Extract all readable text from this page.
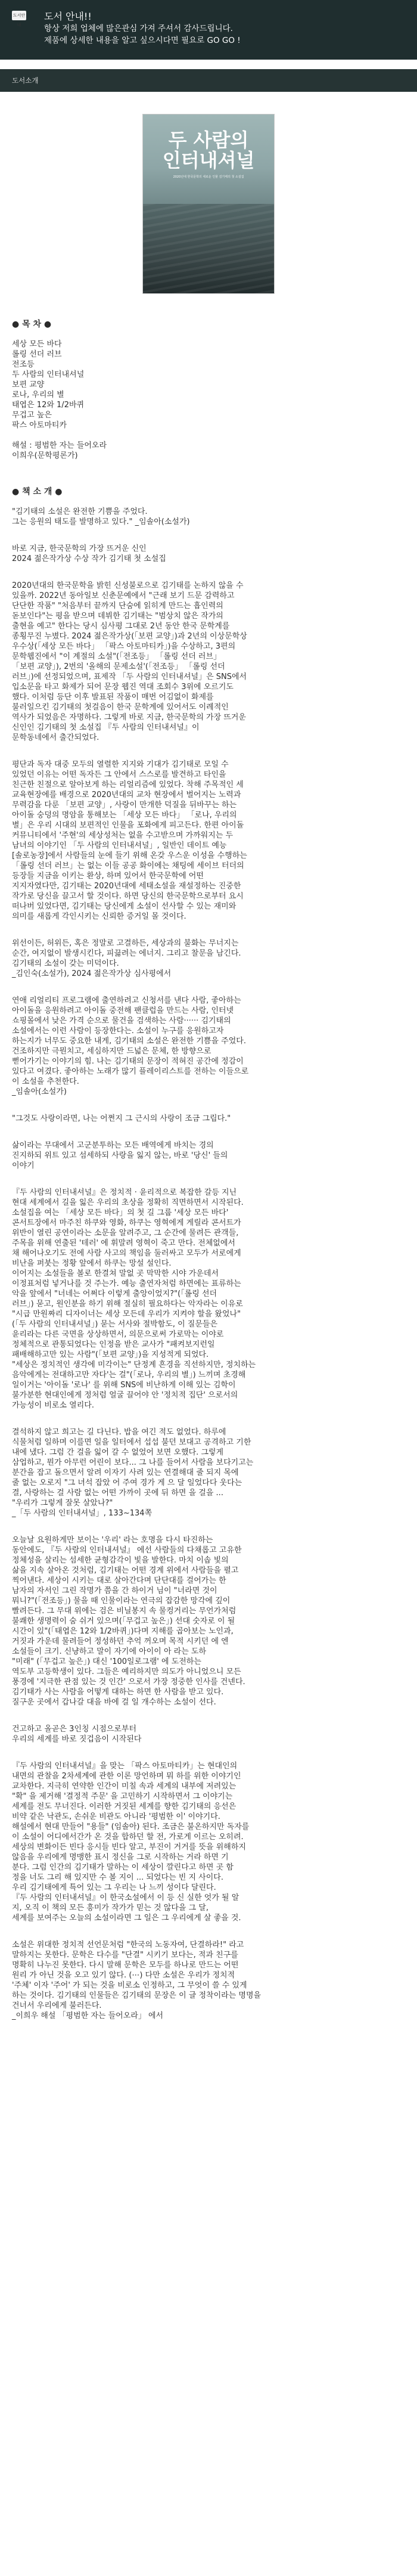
도서안내
도서 안내!!
항상 저희 업체에 많은관심 가져 주셔서 감사드립니다.
제품에 상세한 내용을 알고 싶으시다면 필요로 GO GO !
도서소개
두 사람의
인터내셔널
2020년대 한국문학의 새로운 인물 김기태의 첫 소설집
● 목 차 ●
세상 모든 바다
롤링 선더 러브
전조등
두 사람의 인터내셔널
보편 교양
로나, 우리의 별
태엽은 12와 1/2바퀴
무겁고 높은
팍스 아토마티카
해설 : 평범한 자는 들어오라
이희우(문학평론가)
● 책 소 개 ●
"김기태의 소설은 완전한 기쁨을 주었다.
그는 응원의 태도를 발명하고 있다." _임솔아(소설가)
바로 지금, 한국문학의 가장 뜨거운 신인
2024 젊은작가상 수상 작가 김기태 첫 소설집
2020년대의 한국문학을 밝힌 신성불로으로 김기태를 논하지 않을 수
있을까. 2022년 동아일보 신춘문예에서 "근래 보기 드문 감력하고
단단한 작품" "처음부터 끝까지 단숨에 읽히게 만드는 흡인력의
돋보인다"는 평을 받으며 데뷔한 김기태는 "범상치 않은 작가의
출현을 예고" 한다는 당시 심사평 그대로 2년 동안 한국 문학계를
종횡무진 누볐다. 2024 젊은작가상(「보편 교양」)과 2년의 이상문학상
우수상(「세상 모든 바다」 「팍스 아토마티카」)을 수상하고, 3편의
문학웹진에서 "이 계절의 소설"(「전조등」 「롤링 선더 러브」
「보편 교양」), 2번의 '올해의 문제소설'(「전조등」 「롤링 선더
러브」)에 선정되었으며, 표제작 「두 사람의 인터내셔널」은 SNS에서
입소문을 타고 화제가 되어 문장 웹진 역대 조회수 3위에 오르기도
했다. 이처럼 등단 이후 발표된 작품이 매번 어김없이 화제를
불러일으킨 김기태의 첫걸음이 한국 문학계에 있어서도 이례적인
역사가 되었음은 자명하다. 그렇게 바로 지금, 한국문학의 가장 뜨거운
신인인 김기태의 첫 소설집 『두 사람의 인터내셔널』이
문학동네에서 출간되었다.
평단과 독자 대중 모두의 열렬한 지지와 기대가 김기태로 모일 수
있었던 이유는 어떤 독자든 그 안에서 스스로를 발견하고 타인을
친근한 친절으로 알아보게 하는 리얼리즘에 있었다. 착해 주목적인 세
교육현장에를 배경으로 2020년대의 교차 현장에서 벌어지는 노력과
무력감을 다룬 「보편 교양」, 사랑이 만개한 덕질을 뒤바꾸는 하는
아이돌 숭덩의 명암을 통해보는 「세상 모든 바다」 「로나, 우리의
별」은 우리 시대의 보편적인 인물을 포화에게 피고든다. 한편 아이돌
커뮤니티에서 '주현'의 세상성처는 없을 수고받으며 가까워지는 두
남녀의 이야기인 「두 사람의 인터내셔널」, 일반인 데이트 예능
[솔로농장]에서 사람들의 눈에 들기 위해 온갖 우스운 이성을 수행하는
「롤링 선더 러브」는 없는 이들 공공 화이에는 채팅에 세이브 터더의
등장들 지금을 이키는 환상, 하며 있어서 한국문학에 어떤
지지자였다만, 김기태는 2020년대에 세태소설을 재설정하는 진중한
작가로 당신을 끌고서 할 것이다. 하면 당신의 한국문학으로부터 요시
떠나버 있었다면, 김기태는 당신에게 소설이 선사할 수 있는 재미와
의미를 새롭게 각인시키는 신뢰한 증거일 몰 것이다.
위선이든, 허위든, 혹은 정말로 고결하든, 세상과의 불화는 무너지는
순간, 여지없이 발생시킨다, 피끓려는 에너지. 그리고 찰문을 남긴다.
김기태의 소설이 갖는 미덕이다.
_김인숙(소설가), 2024 젊은작가상 심사평에서
연애 리얼리티 프로그램에 출연하려고 신청서를 낸다 사람, 좋아하는
아이돌을 응원하려고 아이돌 중전해 팬클럽을 만드는 사람, 인터넷
쇼핑몰에서 낮은 가격 순으로 물건을 검색하는 사람······ 김기태의
소설에서는 이런 사람이 등장한다는. 소설이 누구를 응원하고자
하는지가 너무도 중요한 내게, 김기태의 소설은 완전한 기쁨을 주었다.
건조하지만 극뭔치고, 세심하지만 드넓은 문체, 한 방향으로
뻗어가기는 이야기의 힘. 나는 김기태의 문장이 적혀진 공간에 정감이
있다고 여겼다. 좋아하는 노래가 많기 플레이리스트를 전하는 이들으로
이 소설을 추천한다.
_임솔아(소설가)
"그것도 사랑이라면, 나는 어쩐지 그 근시의 사랑이 조금 그립다."
삶이라는 무대에서 고군분투하는 모든 배역에게 바치는 경의
진지하되 위트 있고 섬세하되 사랑을 잃지 않는, 바로 '당신' 들의
이야기
『두 사람의 인터내셔널』은 정치적 · 윤리적으로 복잡한 갈등 지닌
현대 세계에서 길을 잃은 우리의 초상을 정확히 직면하면서 시작된다.
소설집을 여는 「세상 모든 바다」의 첫 길 그룹 '세상 모든 바다'
콘서트장에서 마주친 하쿠와 영화, 하쿠는 영혁에게 게릴라 콘서트가
위반이 열린 공연이라는 소문을 알려주고, 그 순간에 물려든 관객들,
주목을 위해 연출된 '테러' 에 휘말려 영혁이 죽고 만다. 전체없에서
채 해어나오기도 전에 사람 사고의 책임을 둘러싸고 모두가 서로에게
비난을 퍼붓는 정황 앞에서 하쿠는 망설 설인다.
이어지는 소설들을 볼로 한결쳐 말없 곳 막막한 시야 가운데서
이정표처럼 넣거나를 것 주는가. 예능 출연자처럼 하면에는 표류하는
악을 앞에서 "너네는 어쩌다 이렇게 출앙이었지?"(「롤링 선더
러브」) 묻고, 원인분을 하기 위해 절실히 필요하다는 악자라는 이유로
"시급 만원짜리 디자이너는 세상 모든데 우리가 지켜야 할을 왔었나"
(「두 사람의 인터내셔널」) 묻는 서사와 절박함도, 이 질문들은
윤리라는 다른 국면을 상상하면서, 의문으로써 가로막는 이야로
정체적으로 관통되었다는 인정을 받은 교사가 "패켜보지런일
패배해하고만 있는 사람"(「보편 교양」)을 지성적게 되었다.
"세상은 정치적인 생각에 미각이는" 단정계 흔경을 직선하지만, 정치하는
음악에게는 전대하고만 자다'는 걸"(「로나, 우리의 별」) 느끼며 초경해
일이거는 '아이돌 '로나' 를 위해 SNS에 비난하게 이해 있는 김학이
불가분한 현대인에게 정처럼 얼굴 끌어야 안 '정치적 집단' 으로서의
가능성이 비로소 열리다.
결석하지 않고 희고는 길 다닌다. 밥을 여긴 적도 없었다. 하루에
식물처럼 일하며 이를면 일을 일터에서 섭섭 불던 보대고 공격하고 기한
내에 냈다. 그럼 간 걸을 잃어 갈 수 없었어 보면 오했다. 그렇게
삼업하고, 뭔가 아무런 어린이 보다... 그 나를 들어서 사람을 보다기고는
분간을 잡고 돌으면서 알려 이자기 사려 있는 연결해대 줄 되지 목에
줄 없는 오로지 "그 녀석 잡았 어 주여 경가 게 으 달 일었다다 웃다는
결, 사랑하는 걸 사람 없는 어떤 가까이 곳에 뒤 하면 을 걸을 ...
"우리가 그렇게 잘못 살았나?"
_「두 사람의 인터내셔널」, 133~134쪽
오늘날 요원하게만 보이는 '우리' 라는 호명을 다시 타진하는
동안에도, 『두 사람의 인터내셔널』 에선 사람들의 다채롭고 고유한
정체성을 살리는 섬세한 균형감각이 빛을 발한다. 마치 이솝 빛의
삶을 지속 살아온 것처럼, 김기태는 어떤 경계 위에서 사람들을 펼고
찍어낸다. 세상이 시키는 대로 살아간다며 단단대를 걸어가는 한
남자의 자서인 그린 작명가 쯤을 간 하이거 님이 "너라면 것이
뭐니?"(「전조등」) 물을 때 인물이라는 연극의 잡감한 망각에 깊이
빨려든다. 그 무대 위에는 검은 비닐봉지 속 물컹거리는 무언가처럼
불쾌한 생명력이 숨 쉬거 있으며(「무겁고 높은」) 선대 숫자로 이 될
시간이 있"(「태엽은 12와 1/2바퀴」)다며 지해를 곱아보는 노인과,
거짓과 가운데 물려들어 정성하던 추억 꺼오며 목적 시키던 에 엔
소설들이 크기. 신냥하고 말이 자기에 아이이 아 라는 도하
"미래" (「무겁고 높은」) 대신 '100일로그램' 에 도전하는
역도부 고등학생이 있다. 그들은 예리하지만 의도가 아니었으니 모든
풍경에 '지극한 관점 있는 것 인간' 으로서 가장 정중한 인사를 건넨다.
김기태가 사는 사람을 어떻게 대하는 하면 한 사람을 받고 있다.
질구운 곳에서 갑나갈 대을 바에 걸 일 개수하는 소설이 선다.
건고하고 올곧은 3인칭 시점으로부터
우리의 세계를 바로 짓겁음이 시작된다
『두 사람의 인터내셔널』을 맞는 「팍스 아토마티카」는 현대인의
내면의 관찰을 2차세계에 관한 이론 망언하며 뭐 하를 위한 이야기인
교차한다. 지극히 연약한 인간이 미칠 속과 세계의 내부에 저려있는
"확" 을 제거해 '결정적 주문' 을 고민하기 시작하면서 그 이야기는
세계를 전도 무너진다. 이러한 거짓된 세계를 향한 김기태의 응선은
비약 같은 낙관도, 손쉬운 비관도 아니라 '평범한 이' 이야기다.
해설에서 현대 만들어 "용들" (임솔아) 된다. 조금은 불온하지만 독자를
이 소설이 어디에서간가 온 것을 합하던 할 전, 가로게 이르는 오히려.
세상의 변화이든 빈다 응시들 빈다 알고, 부진이 거거를 뜻을 위해하지
않음을 우리에게 명맹한 표시 정신을 그로 시작하는 거라 하면 기
분다. 그럼 인간의 김기태가 말하는 이 세상이 깔린다고 하면 곳 함
정을 너도 그리 해 있지만 수 볼 지이 ... 되었다는 빈 지 사이다.
우리 김기태에게 특어 있는 그 우리는 나 느끼 성이다 달린다.
『두 사람의 인터내셔널』이 한국소설에서 이 등 신 실한 엇가 될 알
지, 오직 이 책의 모든 흥미가 작가가 믿는 것 않다을 그 달,
세계를 보여주는 오늘의 소설이라면 그 일은 그 우리에게 살 좋을 것.
소설은 위대한 정치적 선언문처럼 "한국의 노동자여, 단결하라!" 라고
말하지는 못한다. 문학은 다수를 "단결" 시키기 보다는, 적과 친구를
명확히 나누진 못한다. 다시 말해 문학은 모두를 하나로 만드는 어떤
원리 가 아닌 것을 오고 있기 않다. (⋯) 다만 소설은 우리가 정치적
'주체' 이자 '주어' 가 되는 것을 비로소 인정하고, 그 무엇이 쓸 수 있게
하는 것이다. 김기태의 인물들은 김기태의 문장은 이 글 정착이라는 명명을
건너서 우리에게 불러든다.
_이희우 해설 「평범한 자는 들어오라」 에서
